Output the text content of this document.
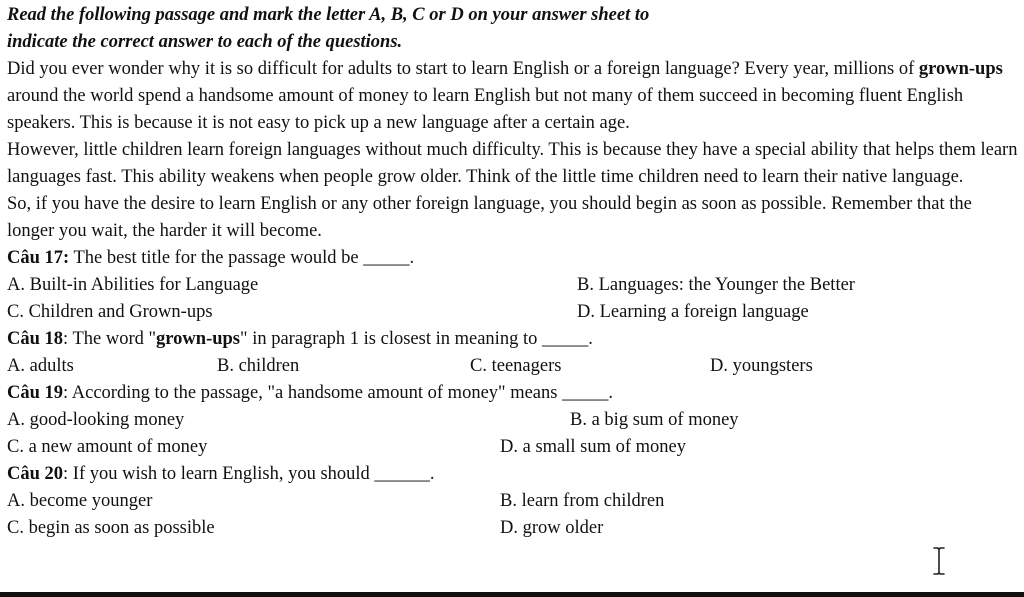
Read the following passage and mark the letter A, B, C or D on your answer sheet to
indicate the correct answer to each of the questions.

Did you ever wonder why it is so difficult for adults to start to learn English or a foreign language? Every year, millions of grown-ups around the world spend a handsome amount of money to learn English but not many of them succeed in becoming fluent English speakers. This is because it is not easy to pick up a new language after a certain age.

However, little children learn foreign languages without much difficulty. This is because they have a special ability that helps them learn languages fast. This ability weakens when people grow older. Think of the little time children need to learn their native language.

So, if you have the desire to learn English or any other foreign language, you should begin as soon as possible. Remember that the longer you wait, the harder it will become.

Câu 17: The best title for the passage would be _____.
A. Built-in Abilities for Language	B. Languages: the Younger the Better
C. Children and Grown-ups	D. Learning a foreign language
Câu 18: The word "grown-ups" in paragraph 1 is closest in meaning to _____.
A. adults	B. children	C. teenagers	D. youngsters
Câu 19: According to the passage, "a handsome amount of money" means _____.
A. good-looking money	B. a big sum of money
C. a new amount of money	D. a small sum of money
Câu 20: If you wish to learn English, you should ______.
A. become younger	B. learn from children
C. begin as soon as possible	D. grow older
